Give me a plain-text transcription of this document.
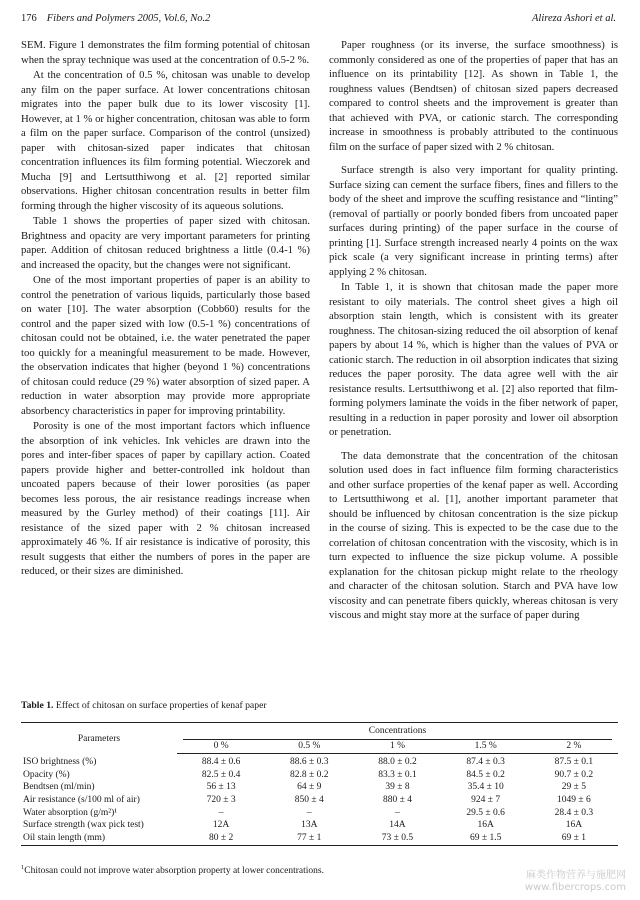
176 Fibers and Polymers 2005, Vol.6, No.2	Alireza Ashori et al.

SEM. Figure 1 demonstrates the film forming potential of chitosan when the spray technique was used at the concentration of 0.5-2 %.

At the concentration of 0.5 %, chitosan was unable to develop any film on the paper surface. At lower concentrations chitosan migrates into the paper bulk due to its lower viscosity [1]. However, at 1 % or higher concentration, chitosan was able to form a film on the paper surface. Comparison of the control (unsized) paper with chitosan-sized paper indicates that chitosan concentration influences its film forming potential. Wieczorek and Mucha [9] and Lertsutthiwong et al. [2] reported similar observations. Higher chitosan concentration results in better film forming through the higher viscosity of its aqueous solutions.

Table 1 shows the properties of paper sized with chitosan. Brightness and opacity are very important parameters for printing paper. Addition of chitosan reduced brightness a little (0.4-1 %) and increased the opacity, but the changes were not significant.

One of the most important properties of paper is an ability to control the penetration of various liquids, particularly those based on water [10]. The water absorption (Cobb60) results for the control and the paper sized with low (0.5-1 %) concentrations of chitosan could not be obtained, i.e. the water penetrated the paper too quickly for a meaningful measurement to be made. However, the observation indicates that higher (beyond 1 %) concentrations of chitosan could reduce (29 %) water absorption of sized paper. A reduction in water absorption may provide more appropriate absorbency characteristics in paper for improving printability.

Porosity is one of the most important factors which influence the absorption of ink vehicles. Ink vehicles are drawn into the pores and inter-fiber spaces of paper by capillary action. Coated papers provide higher and better-controlled ink holdout than uncoated papers because of their lower porosities (as paper becomes less porous, the air resistance readings increase when measured by the Gurley method) of their coatings [11]. Air resistance of the sized paper with 2 % chitosan increased approximately 46 %. If air resistance is indicative of porosity, this result suggests that either the numbers of pores in the paper are reduced, or their sizes are diminished.

Paper roughness (or its inverse, the surface smoothness) is commonly considered as one of the properties of paper that has an influence on its printability [12]. As shown in Table 1, the roughness values (Bendtsen) of chitosan sized papers decreased compared to control sheets and the improvement is greater than that achieved with PVA, or cationic starch. The corresponding increase in smoothness is probably attributed to the continuous film on the surface of paper sized with 2 % chitosan.

Surface strength is also very important for quality printing. Surface sizing can cement the surface fibers, fines and fillers to the body of the sheet and improve the scuffing resistance and “linting” (removal of partially or poorly bonded fibers from uncoated paper surfaces during printing) of the paper surface in the course of printing [1]. Surface strength increased nearly 4 points on the wax pick scale (a very significant increase in printing terms) after applying 2 % chitosan.

In Table 1, it is shown that chitosan made the paper more resistant to oily materials. The control sheet gives a high oil absorption stain length, which is consistent with its greater roughness. The chitosan-sizing reduced the oil absorption of kenaf papers by about 14 %, which is higher than the values of PVA or cationic starch. The reduction in oil absorption indicates that sizing reduces the paper porosity. The data agree well with the air resistance results. Lertsutthiwong et al. [2] also reported that film-forming polymers laminate the voids in the fiber network of paper, resulting in a reduction in paper porosity and lower oil absorption or penetration.

The data demonstrate that the concentration of the chitosan solution used does in fact influence film forming characteristics and other surface properties of the kenaf paper as well. According to Lertsutthiwong et al. [1], another important parameter that should be influenced by chitosan concentration is the size pickup in the course of sizing. This is expected to be the case due to the correlation of chitosan concentration with the viscosity, which is in turn expected to influence the size pickup volume. A possible explanation for the chitosan pickup might relate to the rheology and character of the chitosan solution. Starch and PVA have low viscosity and can penetrate fibers quickly, whereas chitosan is very viscous and might stay more at the surface of paper during

Table 1. Effect of chitosan on surface properties of kenaf paper
Parameters	Concentrations				

	0 %	0.5 %	1 %	1.5 %	2 %
ISO brightness (%)	88.4 ± 0.6	88.6 ± 0.3	88.0 ± 0.2	87.4 ± 0.3	87.5 ± 0.1
Opacity (%)	82.5 ± 0.4	82.8 ± 0.2	83.3 ± 0.1	84.5 ± 0.2	90.7 ± 0.2
Bendtsen (ml/min)	56 ± 13	64 ± 9	39 ± 8	35.4 ± 10	29 ± 5
Air resistance (s/100 ml of air)	720 ± 3	850 ± 4	880 ± 4	924 ± 7	1049 ± 6
Water absorption (g/m²)¹	–	–	–	29.5 ± 0.6	28.4 ± 0.3
Surface strength (wax pick test)	12A	13A	14A	16A	16A
Oil stain length (mm)	80 ± 2	77 ± 1	73 ± 0.5	69 ± 1.5	69 ± 1
$^1$Chitosan could not improve water absorption property at lower concentrations.	麻类作物营养与施肥网
www.fibercrops.com
